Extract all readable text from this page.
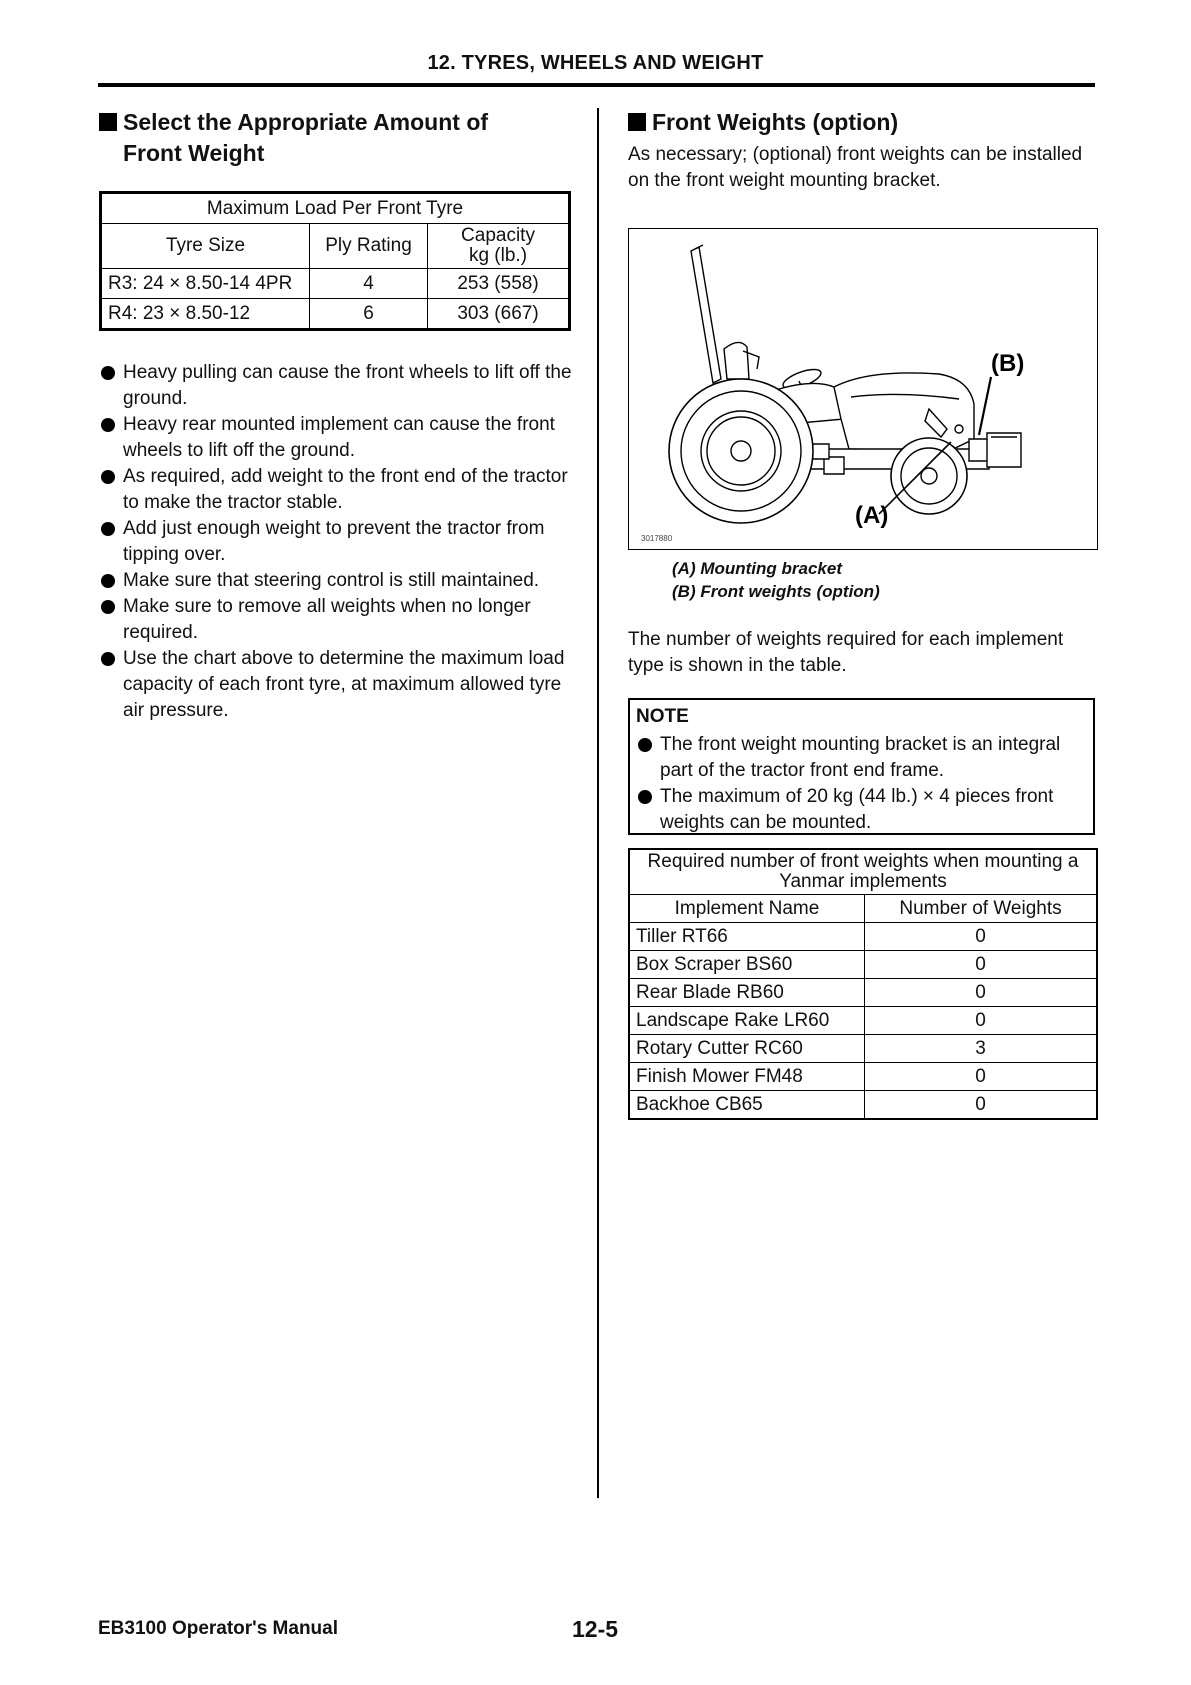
12. TYRES, WHEELS AND WEIGHT
Select the Appropriate Amount of
Front Weight
Maximum Load Per Front Tyre		
Tyre Size	Ply Rating	Capacity
kg (lb.)

R3: 24 × 8.50-14 4PR	4	253 (558)
R4: 23 × 8.50-12	6	303 (667)
Heavy pulling can cause the front wheels to lift off the ground.
Heavy rear mounted implement can cause the front wheels to lift off the ground.
As required, add weight to the front end of the tractor to make the tractor stable.
Add just enough weight to prevent the tractor from tipping over.
Make sure that steering control is still maintained.
Make sure to remove all weights when no longer required.
Use the chart above to determine the maximum load capacity of each front tyre, at maximum allowed tyre air pressure.
Front Weights (option)

As necessary; (optional) front weights can be installed on the front weight mounting bracket.

(B)
(A)
3017880
(A) Mounting bracket
(B) Front weights (option)

The number of weights required for each implement type is shown in the table.

NOTE
The front weight mounting bracket is an integral part of the tractor front end frame.
The maximum of 20 kg (44 lb.) × 4 pieces front weights can be mounted.
Required number of front weights when mounting a Yanmar implements	
Implement Name	Number of Weights
Tiller RT66	0
Box Scraper BS60	0
Rear Blade RB60	0
Landscape Rake LR60	0
Rotary Cutter RC60	3
Finish Mower FM48	0
Backhoe CB65	0
EB3100 Operator's Manual	12-5
